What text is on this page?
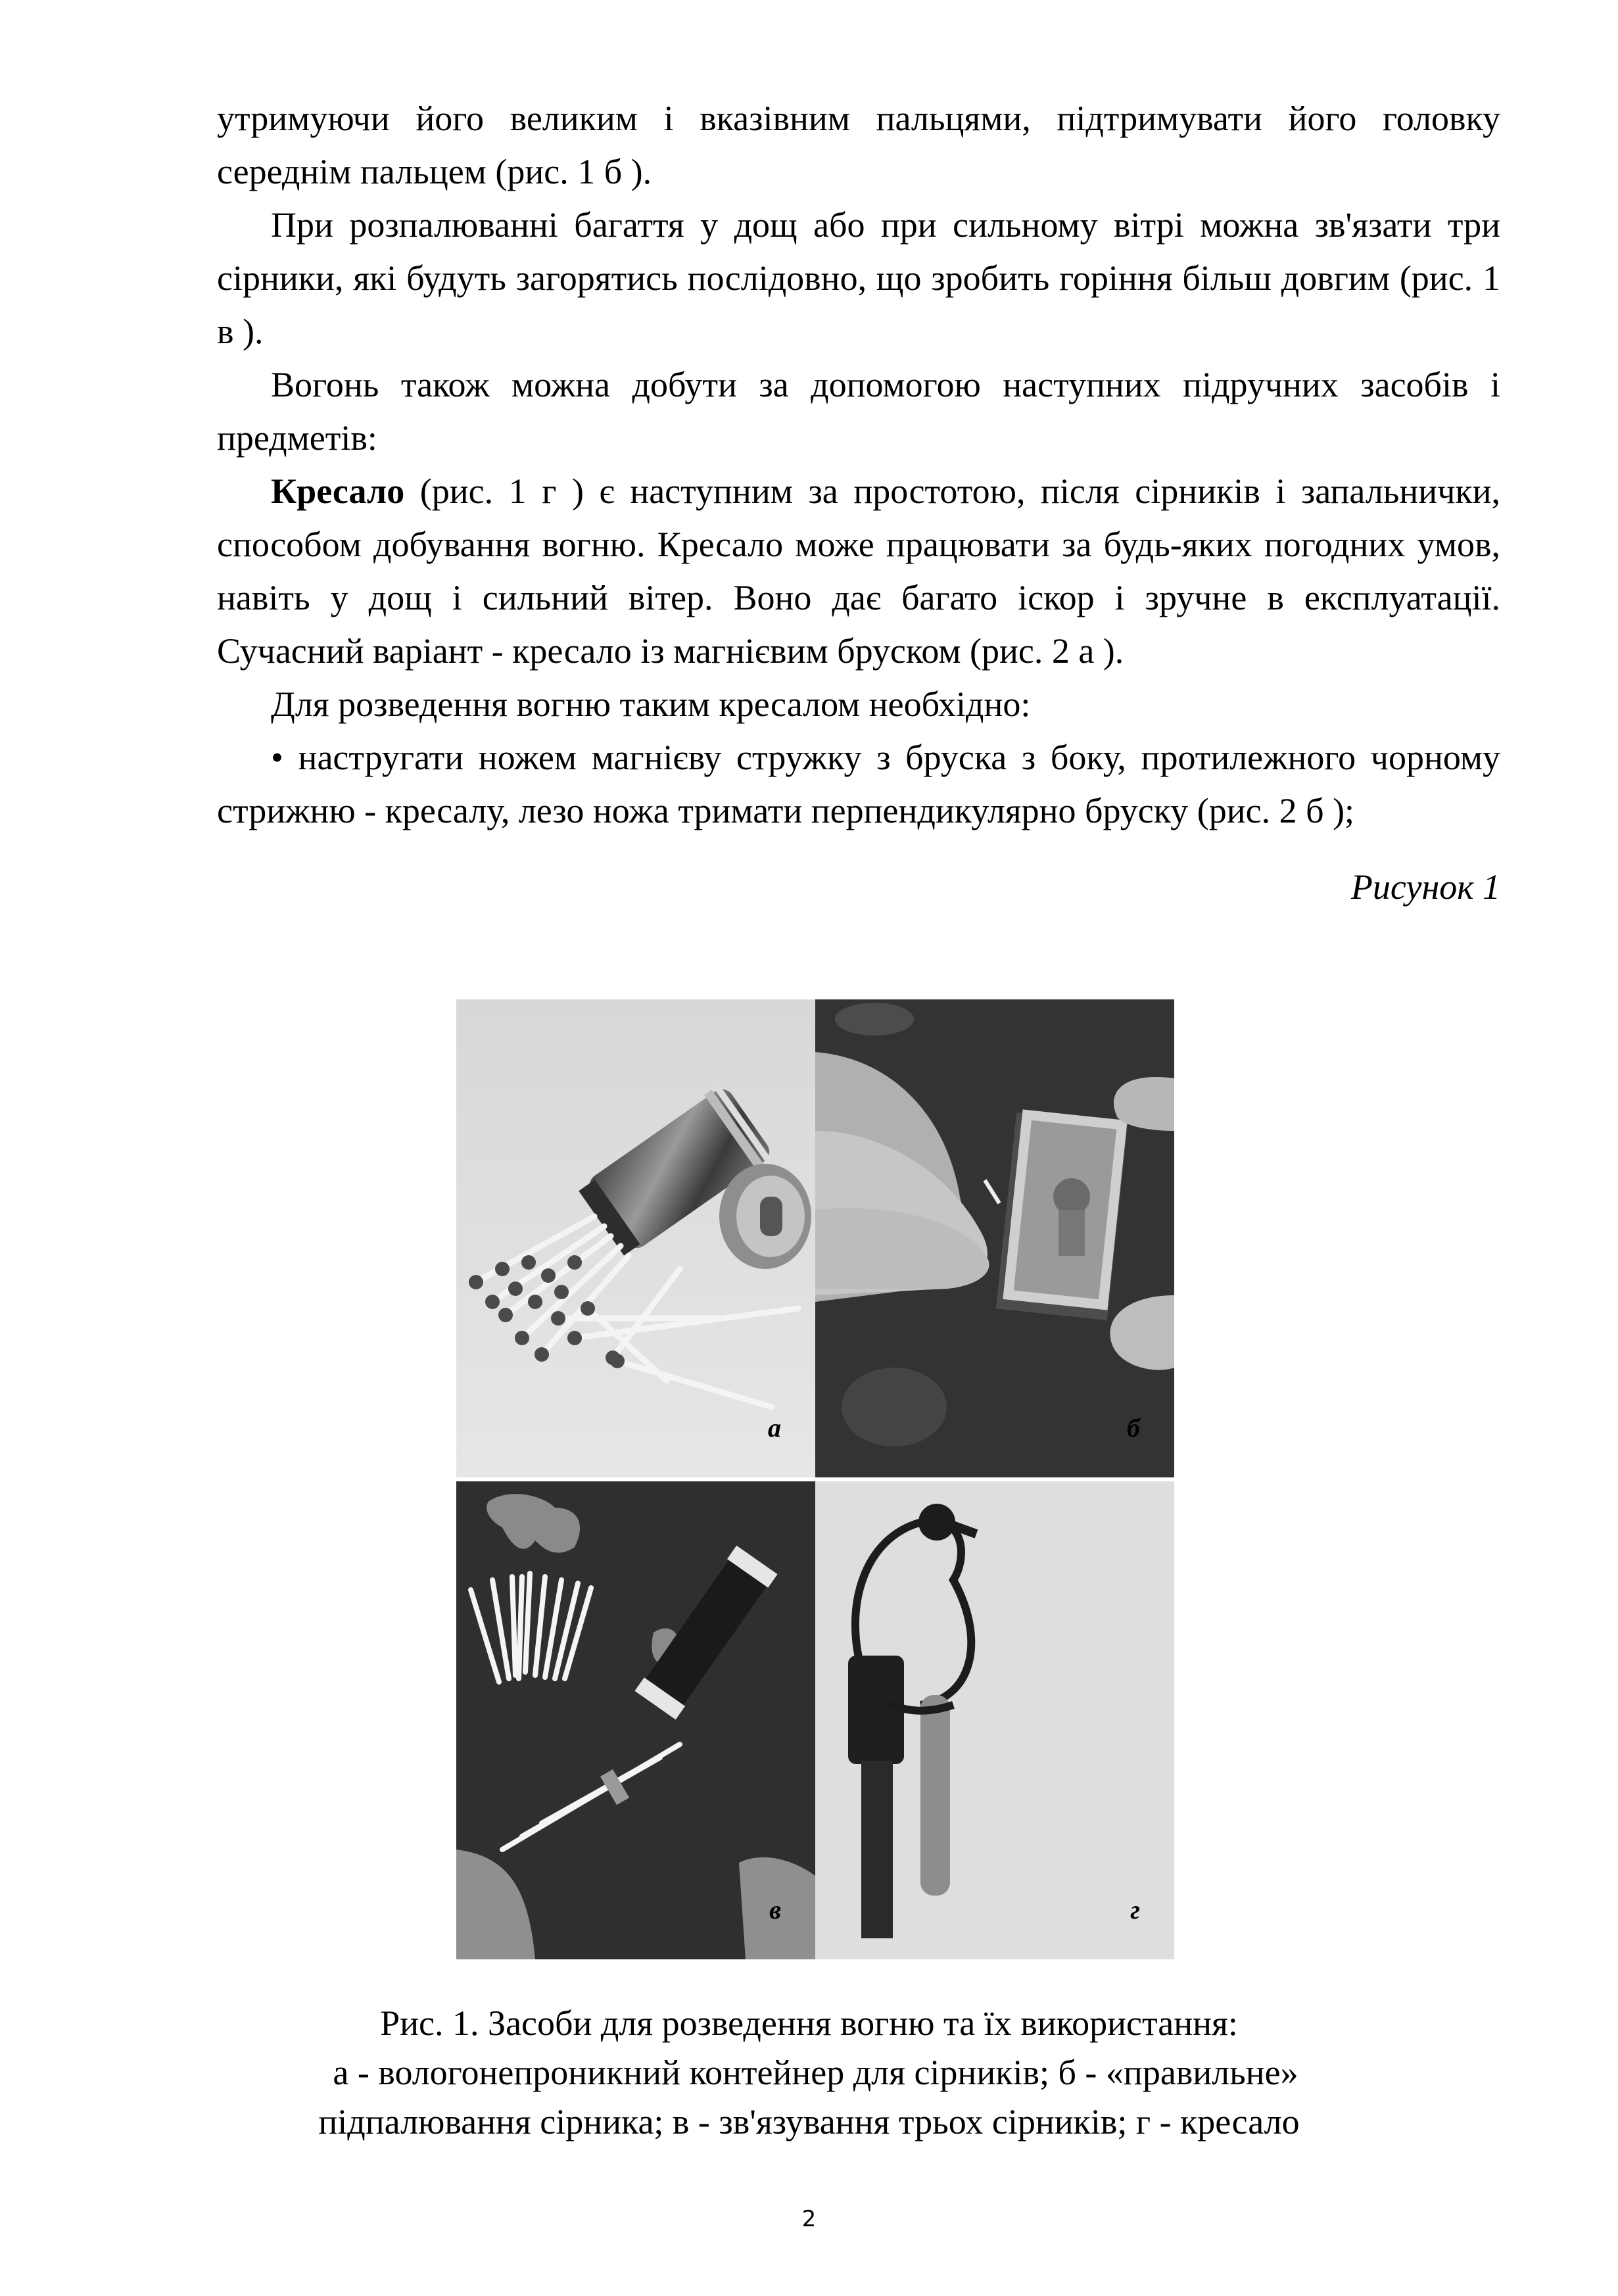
утримуючи його великим і вказівним пальцями, підтримувати його головку середнім пальцем (рис. 1 б ).

При розпалюванні багаття у дощ або при сильному вітрі можна зв'язати три сірники, які будуть загорятись послідовно, що зробить горіння більш довгим (рис. 1 в ).

Вогонь також можна добути за допомогою наступних підручних засобів і предметів:

Кресало (рис. 1 г ) є наступним за простотою, після сірників і запальнички, способом добування вогню. Кресало може працювати за будь-яких погодних умов, навіть у дощ і сильний вітер. Воно дає багато іскор і зручне в експлуатації. Сучасний варіант - кресало із магнієвим бруском (рис. 2 а ).

Для розведення вогню таким кресалом необхідно:

• настругати ножем магнієву стружку з бруска з боку, протилежного чорному стрижню - кресалу, лезо ножа тримати перпендикулярно бруску (рис. 2 б );

Рисунок 1
а	б
в	г
Рис. 1. Засоби для розведення вогню та їх використання:
а - вологонепроникний контейнер для сірників; б - «правильне»
підпалювання сірника; в - зв'язування трьох сірників; г - кресало
2
